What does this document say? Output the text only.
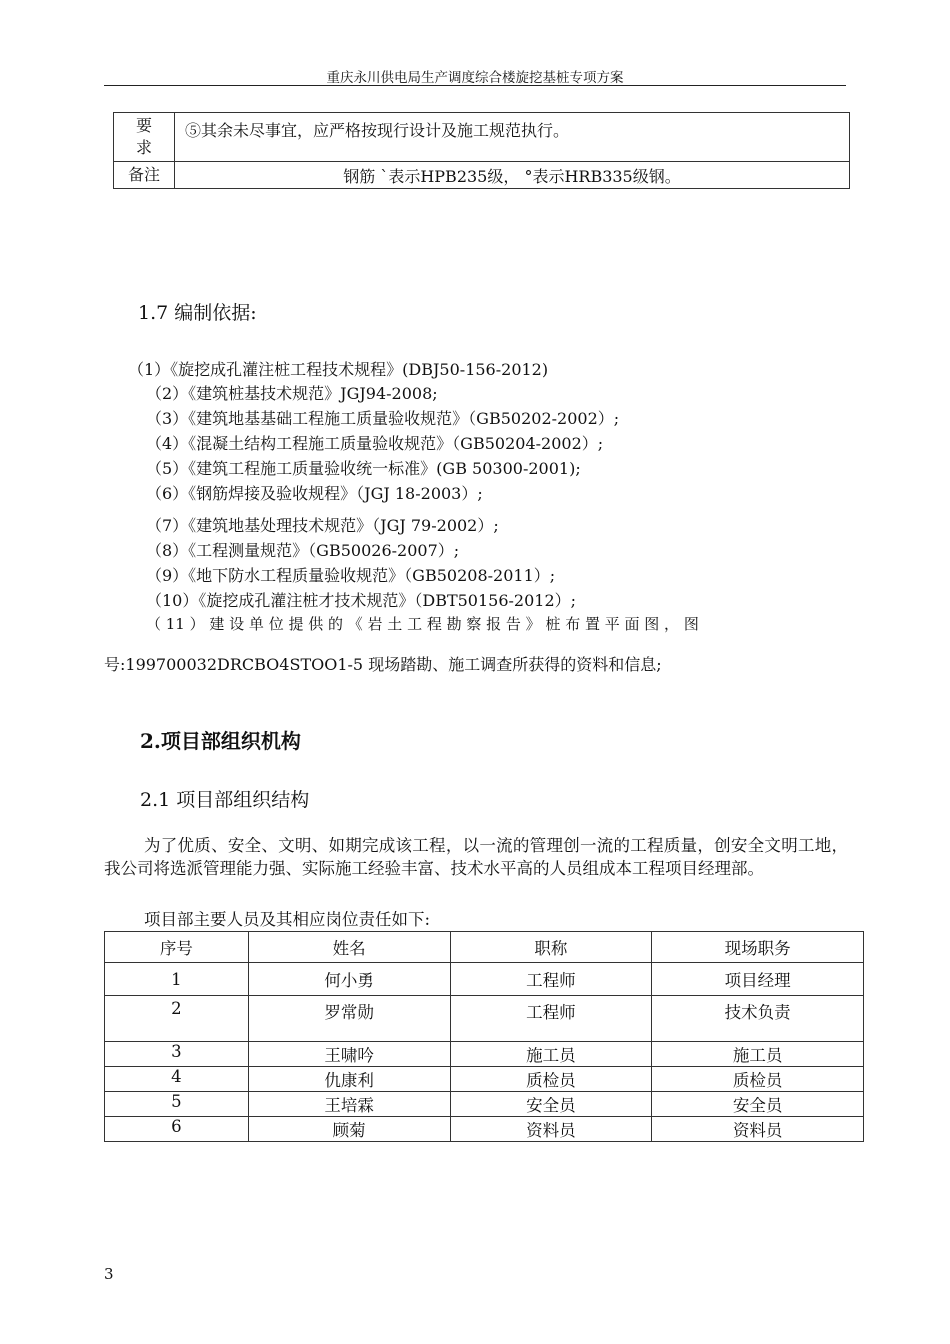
重庆永川供电局生产调度综合楼旋挖基桩专项方案
要求	⑤其余未尽事宜，应严格按现行设计及施工规范执行。
备注	钢筋 ˋ表示HPB235级， °表示HRB335级钢。
1.7 编制依据:
（1）《旋挖成孔灌注桩工程技术规程》(DBJ50-156-2012)
（2）《建筑桩基技术规范》JGJ94-2008;
（3）《建筑地基基础工程施工质量验收规范》（GB50202-2002）;
（4）《混凝土结构工程施工质量验收规范》（GB50204-2002）;
（5）《建筑工程施工质量验收统一标准》(GB 50300-2001);
（6）《钢筋焊接及验收规程》（JGJ 18-2003）;
（7）《建筑地基处理技术规范》（JGJ 79-2002）;
（8）《工程测量规范》（GB50026-2007）;
（9）《地下防水工程质量验收规范》（GB50208-2011）;
（10）《旋挖成孔灌注桩才技术规范》（DBT50156-2012）;
（ 11 ） 建 设 单 位 提 供 的 《 岩 土 工 程 勘 察 报 告 》 桩 布 置 平 面 图 ， 图
号:199700032DRCBO4STOO1-5 现场踏勘、施工调查所获得的资料和信息;
2.项目部组织机构
2.1 项目部组织结构
为了优质、安全、文明、如期完成该工程，以一流的管理创一流的工程质量，创安全文明工地，我公司将选派管理能力强、实际施工经验丰富、技术水平高的人员组成本工程项目经理部。
项目部主要人员及其相应岗位责任如下:
序号	姓名	职称	现场职务
1	何小勇	工程师	项目经理
2	罗常勋	工程师	技术负责
3	王啸吟	施工员	施工员
4	仇康利	质检员	质检员
5	王培霖	安全员	安全员
6	顾菊	资料员	资料员
3
